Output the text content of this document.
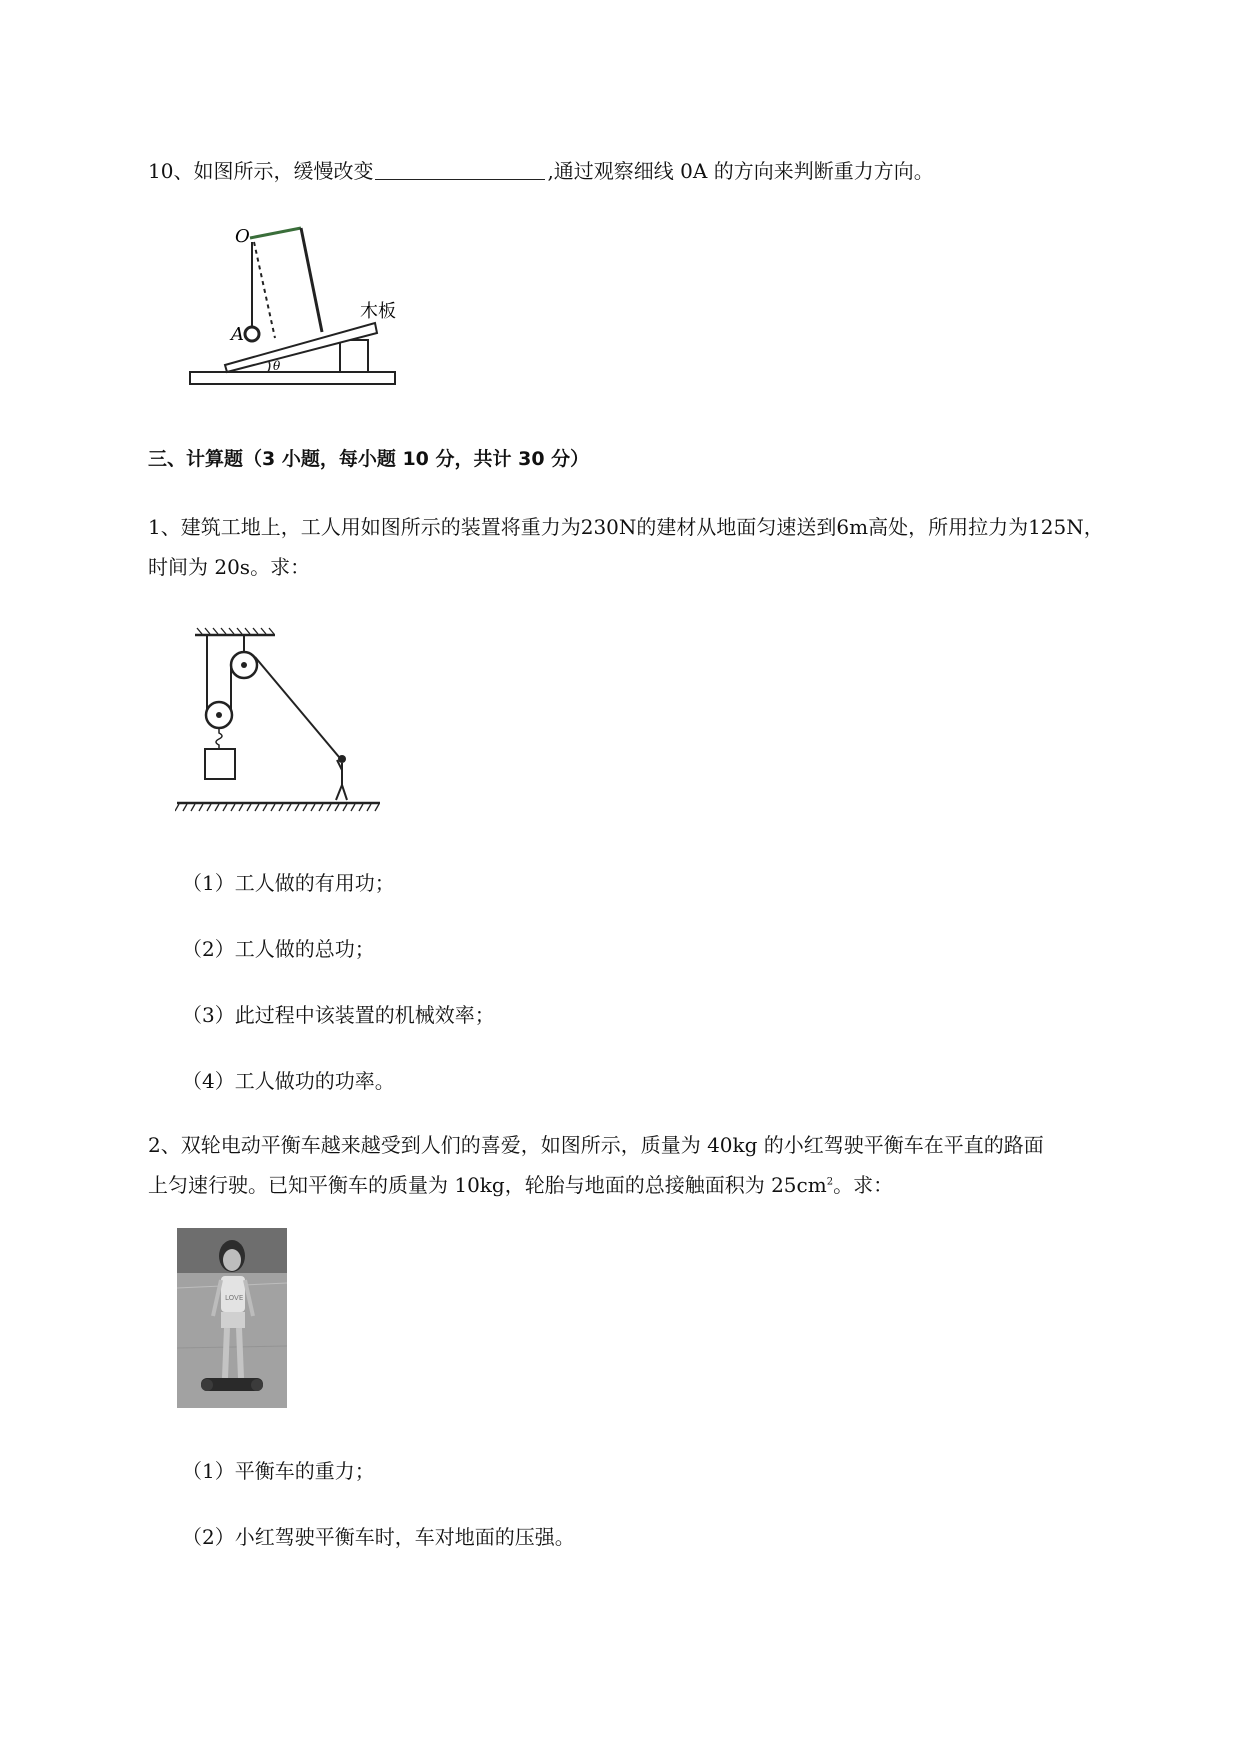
10、如图所示，缓慢改变	,通过观察细线 0A 的方向来判断重力方向。
O
A
θ
木板
三、计算题（3 小题，每小题 10 分，共计 30 分）
1、建筑工地上，工人用如图所示的装置将重力为230N的建材从地面匀速送到6m高处，所用拉力为125N，
时间为 20s。求：
（1）工人做的有用功；
（2）工人做的总功；
（3）此过程中该装置的机械效率；
（4）工人做功的功率。
2、双轮电动平衡车越来越受到人们的喜爱，如图所示，质量为 40kg 的小红驾驶平衡车在平直的路面
上匀速行驶。已知平衡车的质量为 10kg，轮胎与地面的总接触面积为 $25cm^2$。求：
LOVE
（1）平衡车的重力；
（2）小红驾驶平衡车时，车对地面的压强。
